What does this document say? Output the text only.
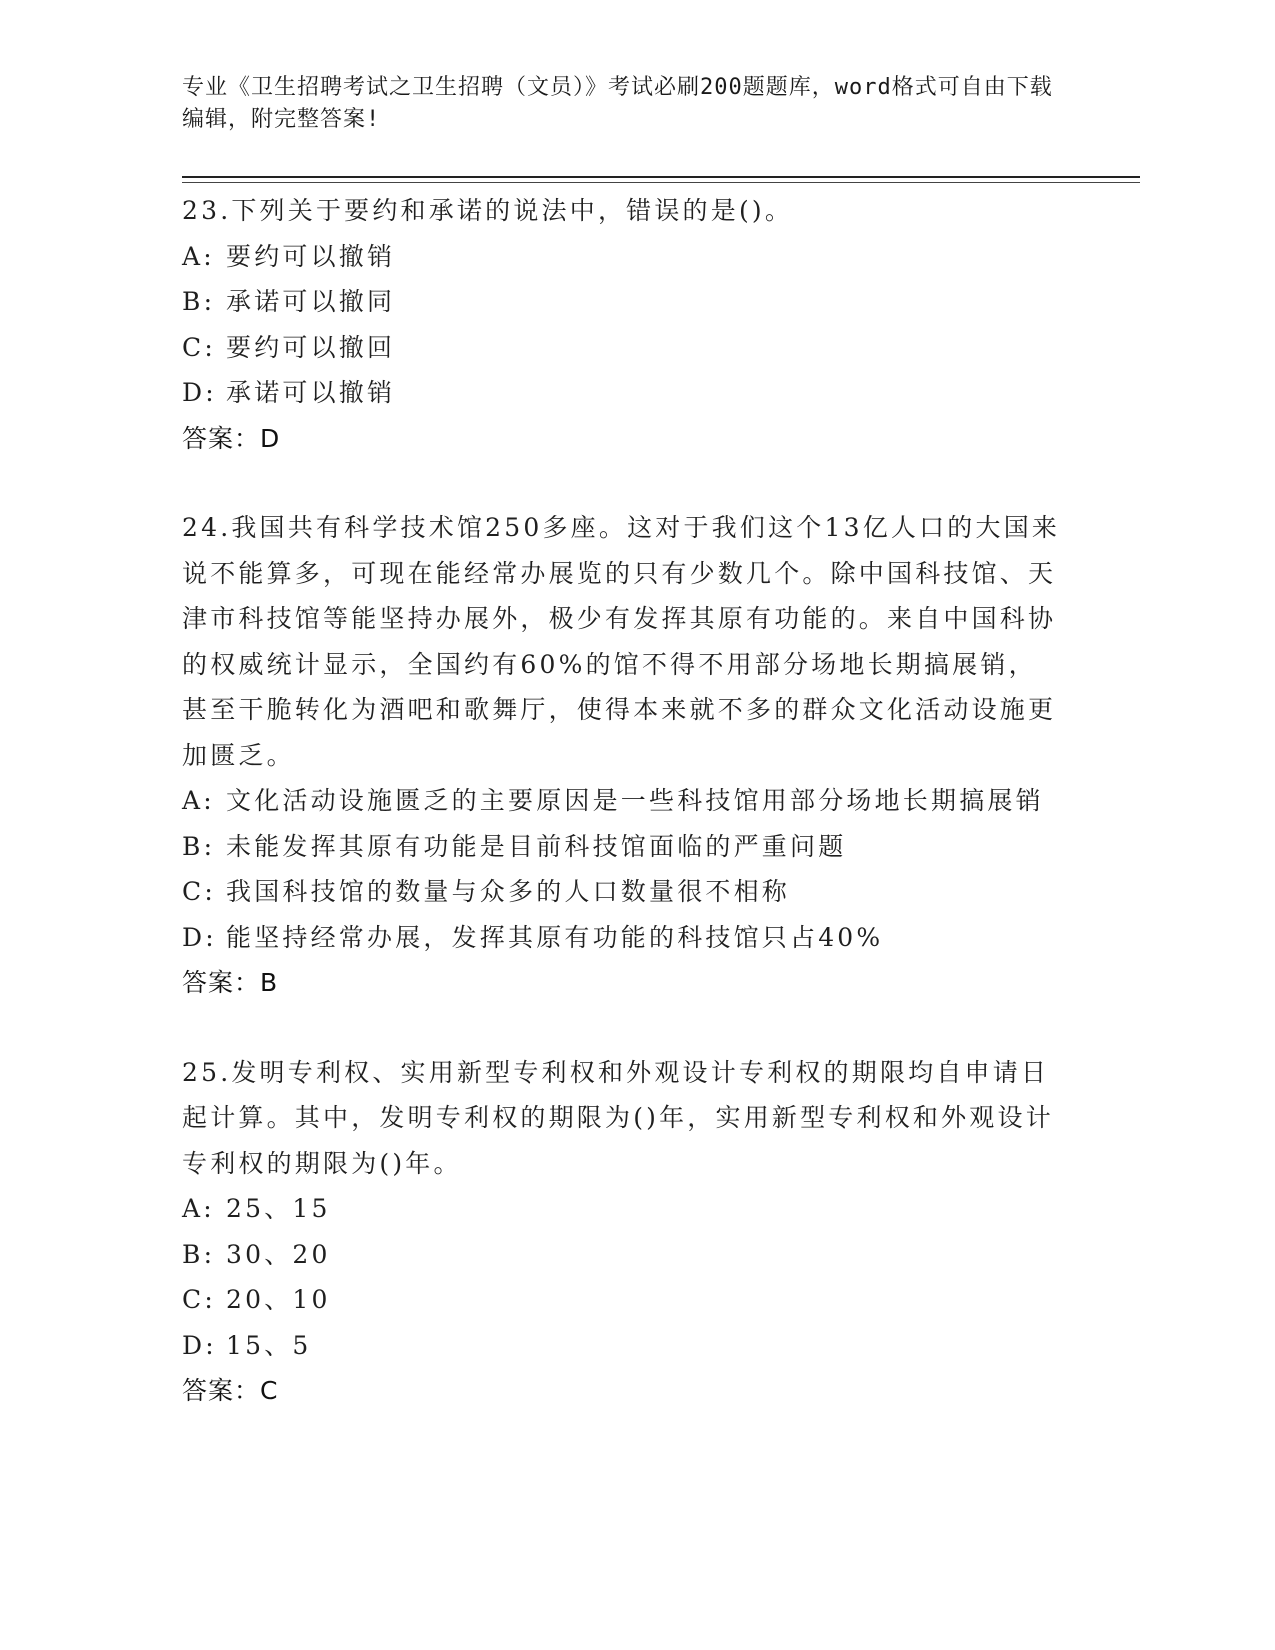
专业《卫生招聘考试之卫生招聘（文员）》考试必刷200题题库，word格式可自由下载编辑，附完整答案!
23.下列关于要约和承诺的说法中，错误的是()。
A: 要约可以撤销
B: 承诺可以撤同
C: 要约可以撤回
D: 承诺可以撤销
答案：D
24.我国共有科学技术馆250多座。这对于我们这个13亿人口的大国来说不能算多，可现在能经常办展览的只有少数几个。除中国科技馆、天津市科技馆等能坚持办展外，极少有发挥其原有功能的。来自中国科协的权威统计显示，全国约有60%的馆不得不用部分场地长期搞展销，甚至干脆转化为酒吧和歌舞厅，使得本来就不多的群众文化活动设施更加匮乏。
A: 文化活动设施匮乏的主要原因是一些科技馆用部分场地长期搞展销
B: 未能发挥其原有功能是目前科技馆面临的严重问题
C: 我国科技馆的数量与众多的人口数量很不相称
D: 能坚持经常办展，发挥其原有功能的科技馆只占40%
答案：B
25.发明专利权、实用新型专利权和外观设计专利权的期限均自申请日起计算。其中，发明专利权的期限为()年，实用新型专利权和外观设计专利权的期限为()年。
A: 25、15
B: 30、20
C: 20、10
D: 15、5
答案：C
